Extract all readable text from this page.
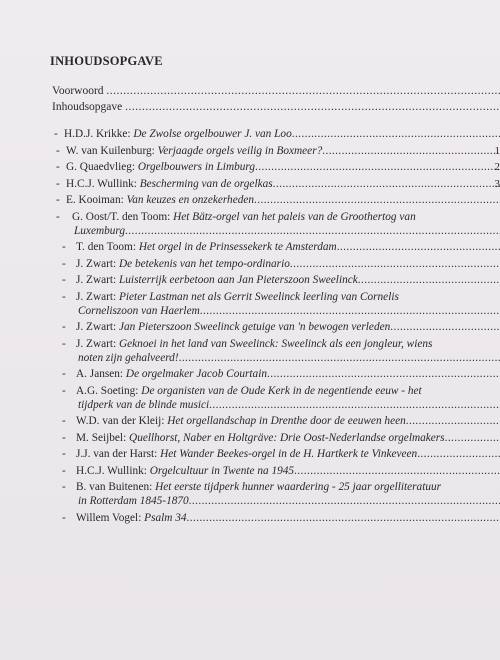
INHOUDSOPGAVE
Voorwoord .....
Inhoudsopgave .....
- H.D.J. Krikke: De Zwolse orgelbouwer J. van Loo .....
- W. van Kuilenburg: Verjaagde orgels veilig in Boxmeer? .....	1
- G. Quaedvlieg: Orgelbouwers in Limburg .....	2
- H.C.J. Wullink: Bescherming van de orgelkas .....	3
- E. Kooiman: Van keuzes en onzekerheden .....
-	G. Oost/T. den Toom: Het Bätz-orgel van het paleis van de Groothertog van
Luxemburg .....
- T. den Toom: Het orgel in de Prinsessekerk te Amsterdam .....
- J. Zwart: De betekenis van het tempo-ordinario .....
- J. Zwart: Luisterrijk eerbetoon aan Jan Pieterszoon Sweelinck .....
- J. Zwart: Pieter Lastman net als Gerrit Sweelinck leerling van Cornelis
Corneliszoon van Haerlem .....
- J. Zwart: Jan Pieterszoon Sweelinck getuige van 'n bewogen verleden .....
- J. Zwart: Geknoei in het land van Sweelinck: Sweelinck als een jongleur, wiens
noten zijn gehalveerd! .....
- A. Jansen: De orgelmaker Jacob Courtain .....
- A.G. Soeting: De organisten van de Oude Kerk in de negentiende eeuw - het
tijdperk van de blinde musici .....
- W.D. van der Kleij: Het orgellandschap in Drenthe door de eeuwen heen .....
- M. Seijbel: Quellhorst, Naber en Holtgräve: Drie Oost-Nederlandse orgelmakers .....
- J.J. van der Harst: Het Wander Beekes-orgel in de H. Hartkerk te Vinkeveen .....
- H.C.J. Wullink: Orgelcultuur in Twente na 1945 .....
- B. van Buitenen: Het eerste tijdperk hunner waardering - 25 jaar orgelliteratuur
in Rotterdam 1845-1870 .....
- Willem Vogel: Psalm 34 .....
